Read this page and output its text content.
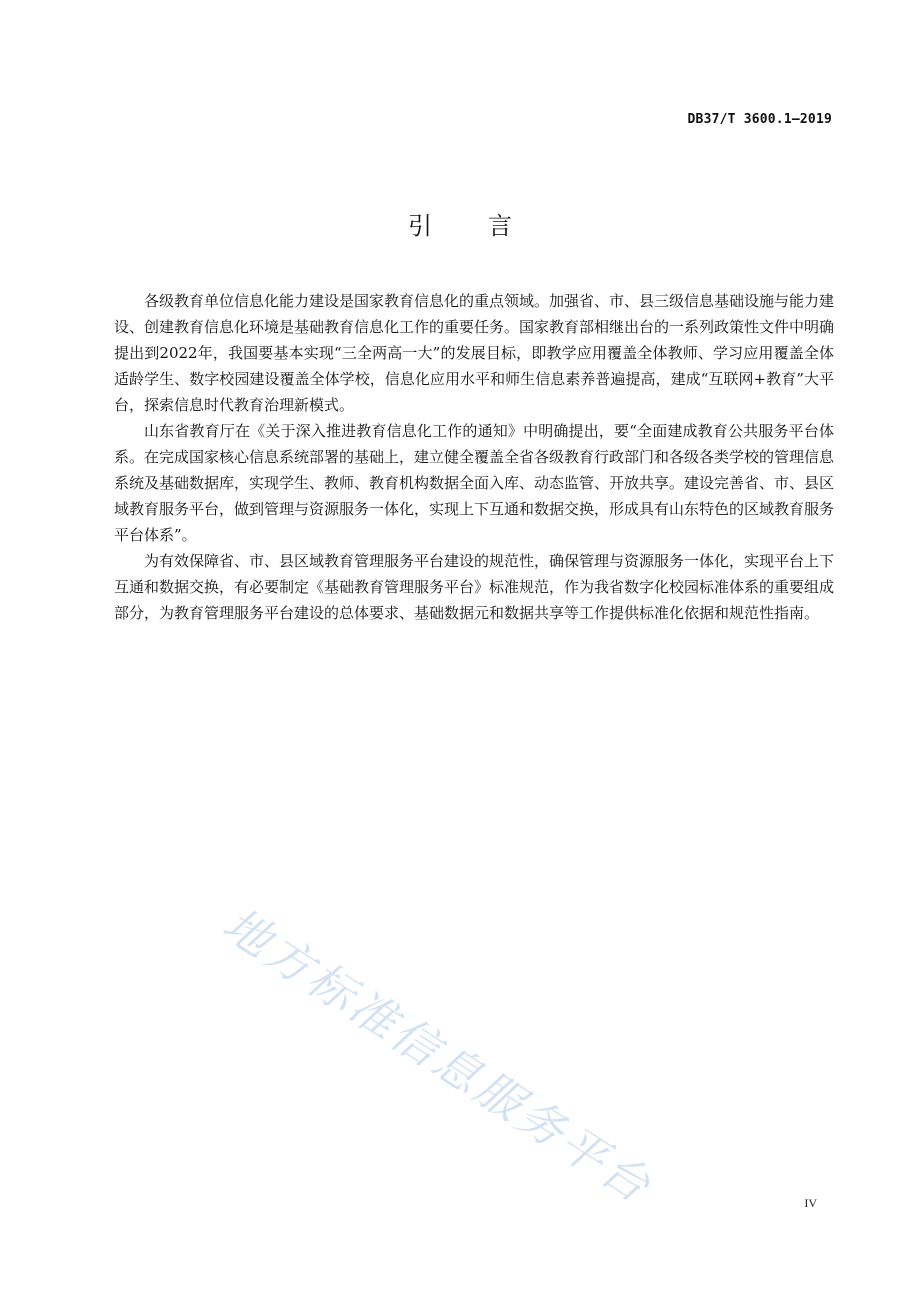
DB37/T 3600.1—2019
引言

各级教育单位信息化能力建设是国家教育信息化的重点领域。加强省、市、县三级信息基础设施与能力建设、创建教育信息化环境是基础教育信息化工作的重要任务。国家教育部相继出台的一系列政策性文件中明确提出到2022年，我国要基本实现“三全两高一大”的发展目标，即教学应用覆盖全体教师、学习应用覆盖全体适龄学生、数字校园建设覆盖全体学校，信息化应用水平和师生信息素养普遍提高，建成“互联网+教育”大平台，探索信息时代教育治理新模式。

山东省教育厅在《关于深入推进教育信息化工作的通知》中明确提出，要“全面建成教育公共服务平台体系。在完成国家核心信息系统部署的基础上，建立健全覆盖全省各级教育行政部门和各级各类学校的管理信息系统及基础数据库，实现学生、教师、教育机构数据全面入库、动态监管、开放共享。建设完善省、市、县区域教育服务平台，做到管理与资源服务一体化，实现上下互通和数据交换，形成具有山东特色的区域教育服务平台体系”。

为有效保障省、市、县区域教育管理服务平台建设的规范性，确保管理与资源服务一体化，实现平台上下互通和数据交换，有必要制定《基础教育管理服务平台》标准规范，作为我省数字化校园标准体系的重要组成部分，为教育管理服务平台建设的总体要求、基础数据元和数据共享等工作提供标准化依据和规范性指南。

地方标准信息服务平台	IV
